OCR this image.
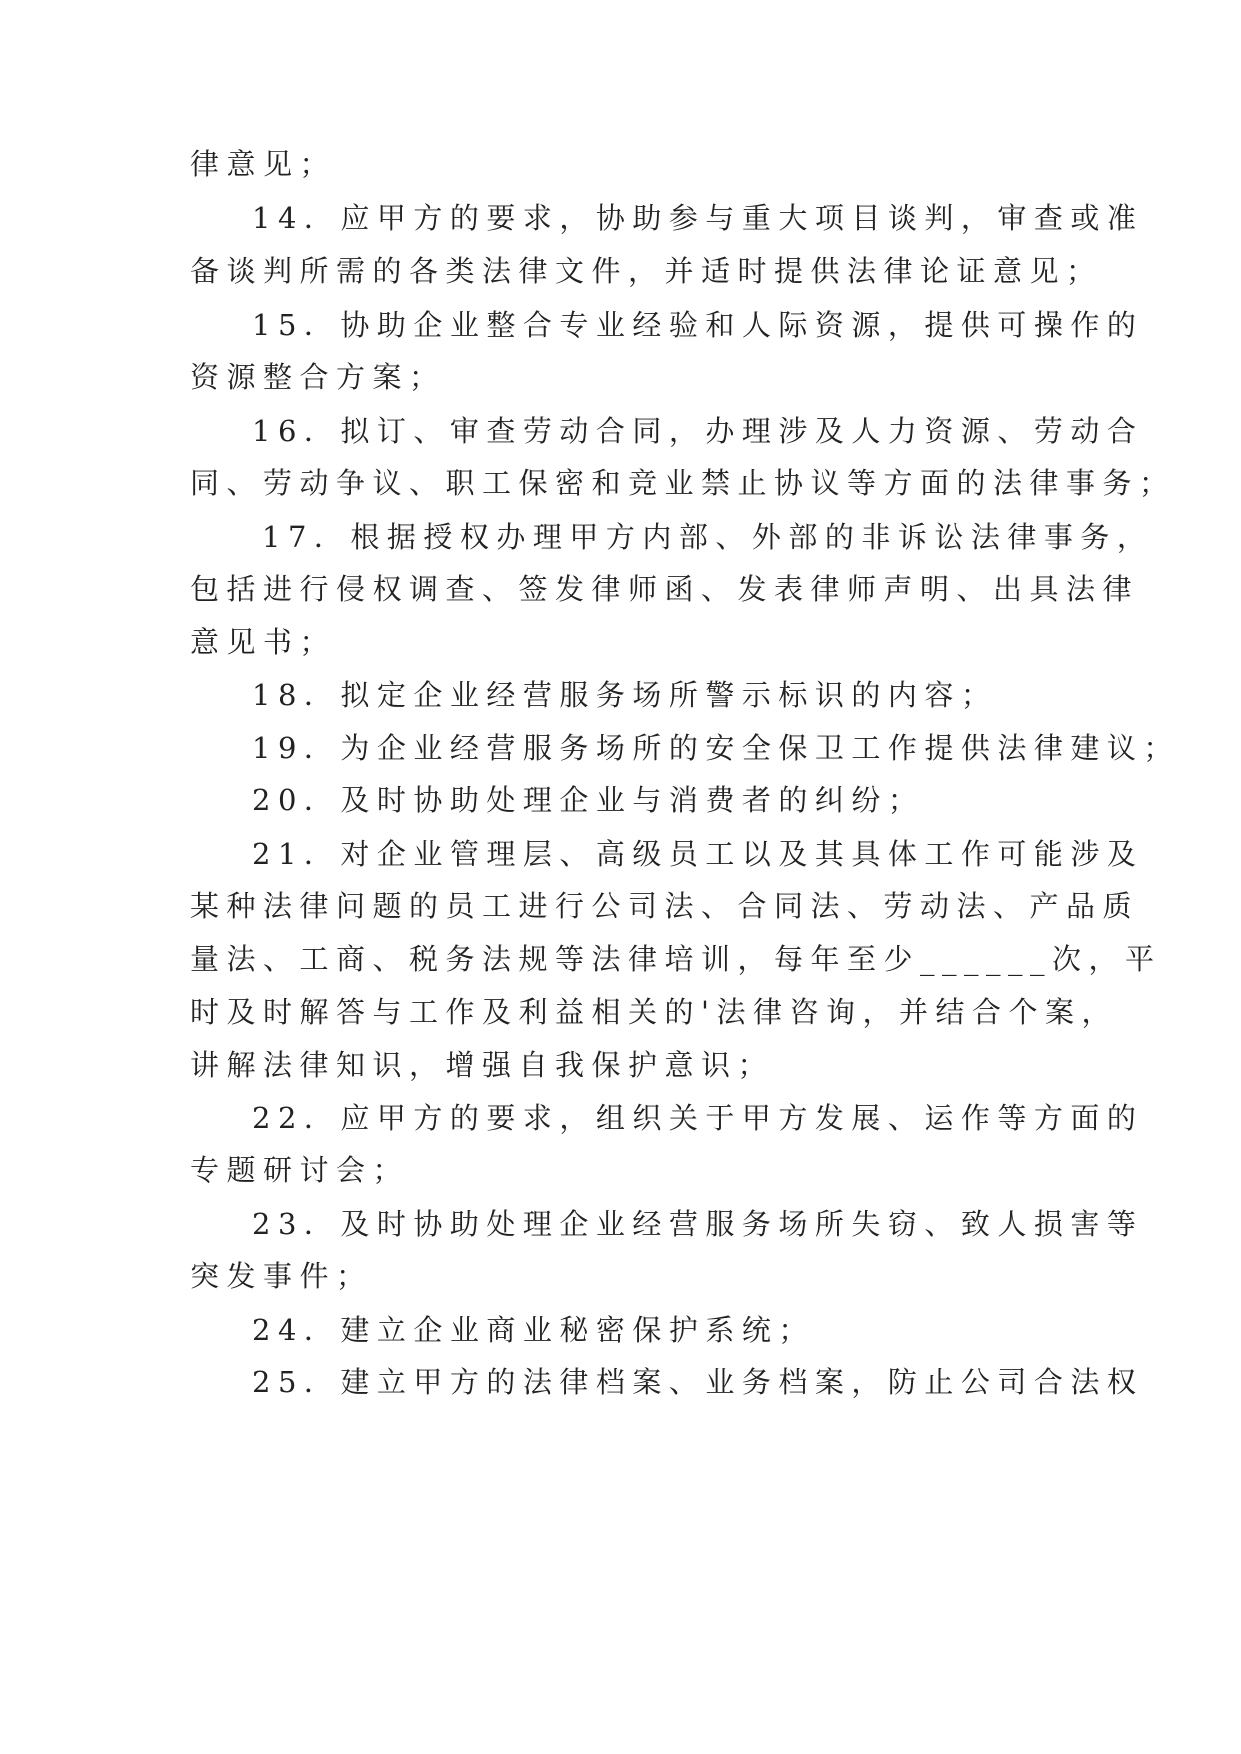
律意见；
14．应甲方的要求，协助参与重大项目谈判，审查或准
备谈判所需的各类法律文件，并适时提供法律论证意见；
15．协助企业整合专业经验和人际资源，提供可操作的
资源整合方案；
16．拟订、审查劳动合同，办理涉及人力资源、劳动合
同、劳动争议、职工保密和竞业禁止协议等方面的法律事务；
17．根据授权办理甲方内部、外部的非诉讼法律事务，
包括进行侵权调查、签发律师函、发表律师声明、出具法律
意见书；
18．拟定企业经营服务场所警示标识的内容；
19．为企业经营服务场所的安全保卫工作提供法律建议；
20．及时协助处理企业与消费者的纠纷；
21．对企业管理层、高级员工以及其具体工作可能涉及
某种法律问题的员工进行公司法、合同法、劳动法、产品质
量法、工商、税务法规等法律培训，每年至少______次，平
时及时解答与工作及利益相关的'法律咨询，并结合个案，
讲解法律知识，增强自我保护意识；
22．应甲方的要求，组织关于甲方发展、运作等方面的
专题研讨会；
23．及时协助处理企业经营服务场所失窃、致人损害等
突发事件；
24．建立企业商业秘密保护系统；
25．建立甲方的法律档案、业务档案，防止公司合法权
